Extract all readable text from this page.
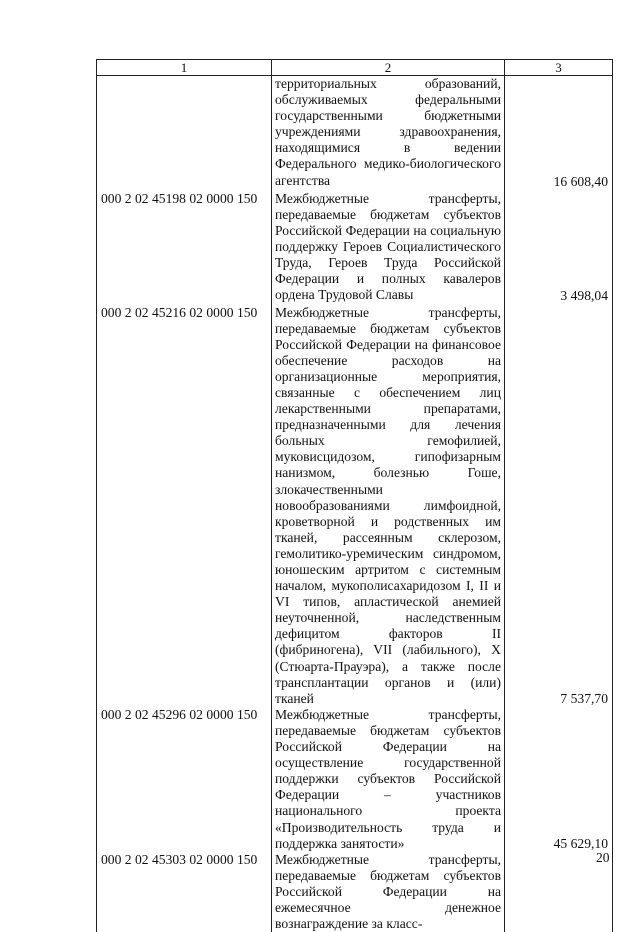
1	2	3
	территориальных образований, обслуживаемых федеральными государственными бюджетными учреждениями здравоохранения, находящимися в ведении Федерального медико-биологического агентства	16 608,40
000 2 02 45198 02 0000 150	Межбюджетные трансферты, передаваемые бюджетам субъектов Российской Федерации на социальную поддержку Героев Социалистического Труда, Героев Труда Российской Федерации и полных кавалеров ордена Трудовой Славы	3 498,04
000 2 02 45216 02 0000 150	Межбюджетные трансферты, передаваемые бюджетам субъектов Российской Федерации на финансовое обеспечение расходов на организационные мероприятия, связанные с обеспечением лиц лекарственными препаратами, предназначенными для лечения больных гемофилией, муковисцидозом, гипофизарным нанизмом, болезнью Гоше, злокачественными новообразованиями лимфоидной, кроветворной и родственных им тканей, рассеянным склерозом, гемолитико-уремическим синдромом, юношеским артритом с системным началом, мукополисахаридозом I, II и VI типов, апластической анемией неуточненной, наследственным дефицитом факторов II (фибриногена), VII (лабильного), X (Стюарта-Прауэра), а также после трансплантации органов и (или) тканей	7 537,70
000 2 02 45296 02 0000 150	Межбюджетные трансферты, передаваемые бюджетам субъектов Российской Федерации на осуществление государственной поддержки субъектов Российской Федерации – участников национального проекта «Производительность труда и поддержка занятости»	45 629,10
000 2 02 45303 02 0000 150	Межбюджетные трансферты, передаваемые бюджетам субъектов Российской Федерации на ежемесячное денежное вознаграждение за класс-	
20
